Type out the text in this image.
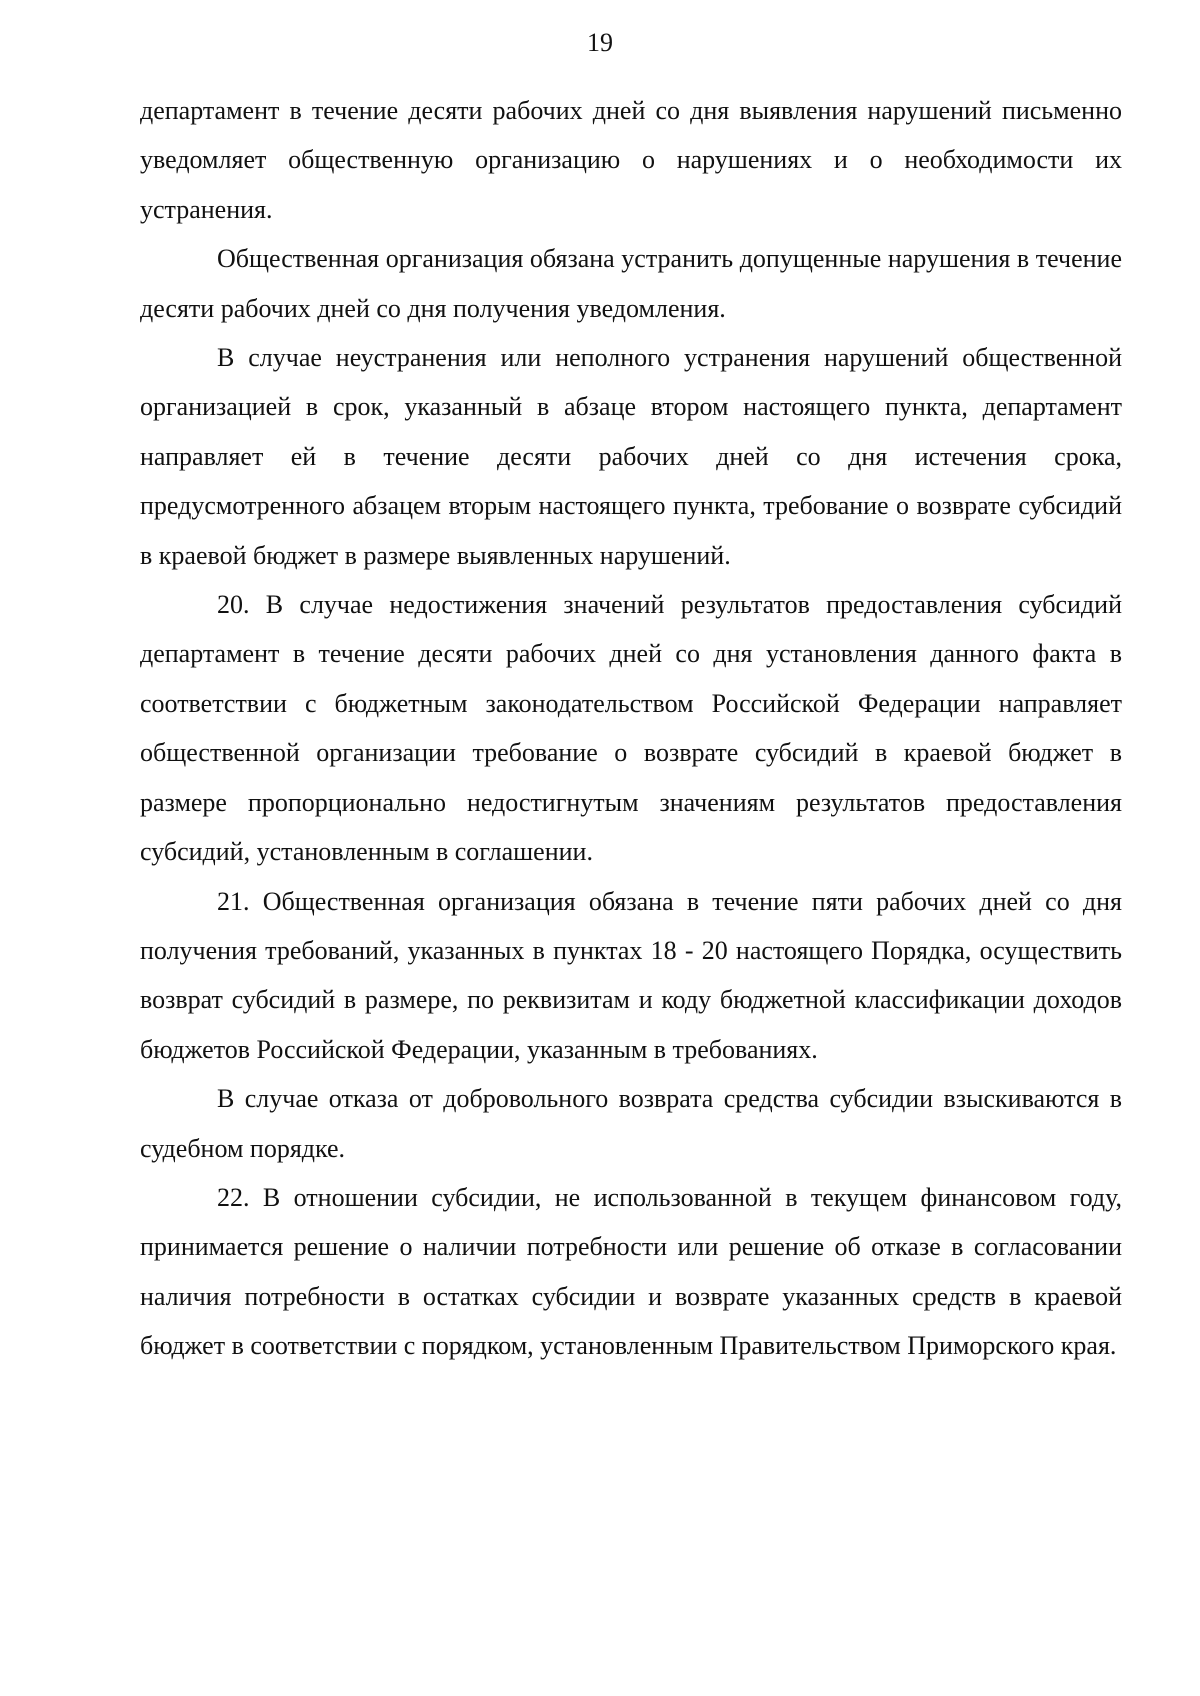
19

департамент в течение десяти рабочих дней со дня выявления нарушений письменно уведомляет общественную организацию о нарушениях и о необходимости их устранения.

Общественная организация обязана устранить допущенные нарушения в течение десяти рабочих дней со дня получения уведомления.

В случае неустранения или неполного устранения нарушений общественной организацией в срок, указанный в абзаце втором настоящего пункта, департамент направляет ей в течение десяти рабочих дней со дня истечения срока, предусмотренного абзацем вторым настоящего пункта, требование о возврате субсидий в краевой бюджет в размере выявленных нарушений.

20. В случае недостижения значений результатов предоставления субсидий департамент в течение десяти рабочих дней со дня установления данного факта в соответствии с бюджетным законодательством Российской Федерации направляет общественной организации требование о возврате субсидий в краевой бюджет в размере пропорционально недостигнутым значениям результатов предоставления субсидий, установленным в соглашении.

21. Общественная организация обязана в течение пяти рабочих дней со дня получения требований, указанных в пунктах 18 - 20 настоящего Порядка, осуществить возврат субсидий в размере, по реквизитам и коду бюджетной классификации доходов бюджетов Российской Федерации, указанным в требованиях.

В случае отказа от добровольного возврата средства субсидии взыскиваются в судебном порядке.

22. В отношении субсидии, не использованной в текущем финансовом году, принимается решение о наличии потребности или решение об отказе в согласовании наличия потребности в остатках субсидии и возврате указанных средств в краевой бюджет в соответствии с порядком, установленным Правительством Приморского края.
